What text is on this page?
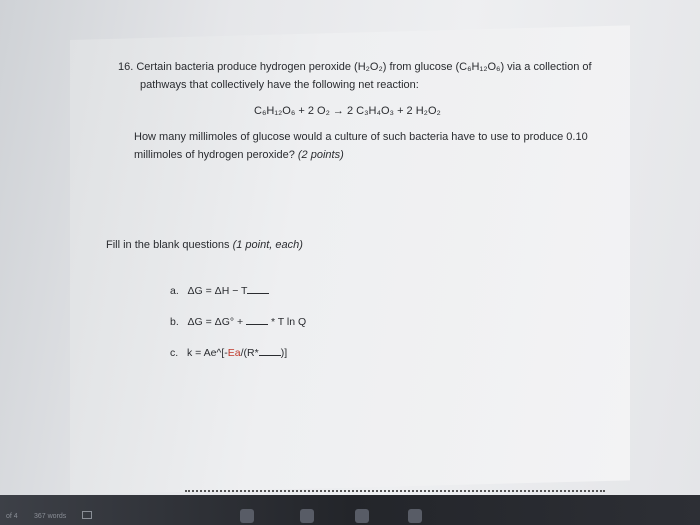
16. Certain bacteria produce hydrogen peroxide (H₂O₂) from glucose (C₆H₁₂O₆) via a collection of
pathways that collectively have the following net reaction:
C₆H₁₂O₆ + 2 O₂ → 2 C₃H₄O₃ + 2 H₂O₂
How many millimoles of glucose would a culture of such bacteria have to use to produce 0.10
millimoles of hydrogen peroxide? (2 points)
Fill in the blank questions (1 point, each)
a. ΔG = ΔH − T
b. ΔG = ΔG° +  * T ln Q
c. k = Ae^[-Ea/(R* )]
of 4 367 words
